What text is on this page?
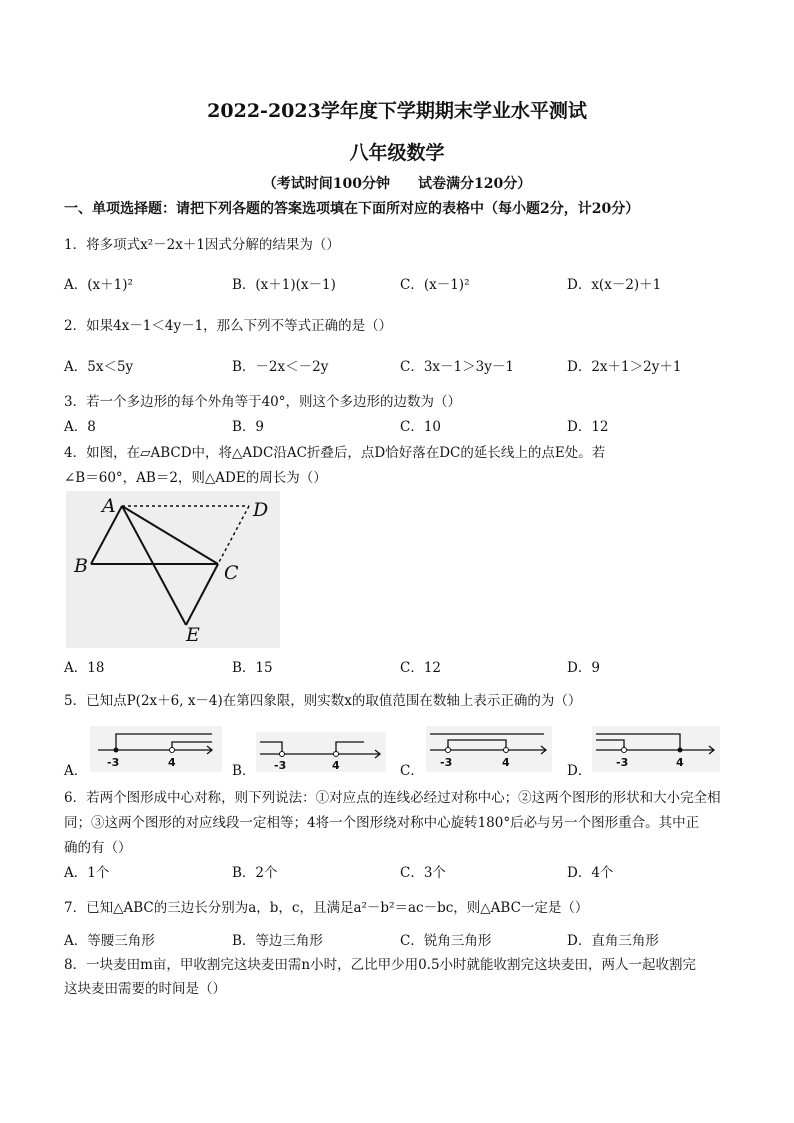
2022-2023学年度下学期期末学业水平测试
八年级数学
（考试时间100分钟　　试卷满分120分）
一、单项选择题：请把下列各题的答案选项填在下面所对应的表格中（每小题2分，计20分）
1．将多项式x²－2x＋1因式分解的结果为（）
A．(x＋1)²	B．(x＋1)(x－1)	C．(x－1)²	D．x(x－2)＋1
2．如果4x－1＜4y－1，那么下列不等式正确的是（）
A．5x＜5y	B．－2x＜－2y	C．3x－1＞3y－1	D．2x＋1＞2y＋1
3．若一个多边形的每个外角等于40°，则这个多边形的边数为（）
A．8	B．9	C．10	D．12
4．如图，在▱ABCD中，将△ADC沿AC折叠后，点D恰好落在DC的延长线上的点E处。若
∠B＝60°，AB＝2，则△ADE的周长为（）
A	D
B	C
E
A．18	B．15	C．12	D．9
5．已知点P(2x＋6, x－4)在第四象限，则实数x的取值范围在数轴上表示正确的为（）
A．
-3	4
B． -3	4	C．
-3	4
D．
-3	4
6．若两个图形成中心对称，则下列说法：①对应点的连线必经过对称中心；②这两个图形的形状和大小完全相
同；③这两个图形的对应线段一定相等；4将一个图形绕对称中心旋转180°后必与另一个图形重合。其中正
确的有（）
A．1个	B．2个	C．3个	D．4个
7．已知△ABC的三边长分别为a，b，c，且满足a²－b²＝ac－bc，则△ABC一定是（）
A．等腰三角形	B．等边三角形	C．锐角三角形	D．直角三角形
8．一块麦田m亩，甲收割完这块麦田需n小时，乙比甲少用0.5小时就能收割完这块麦田，两人一起收割完
这块麦田需要的时间是（）
